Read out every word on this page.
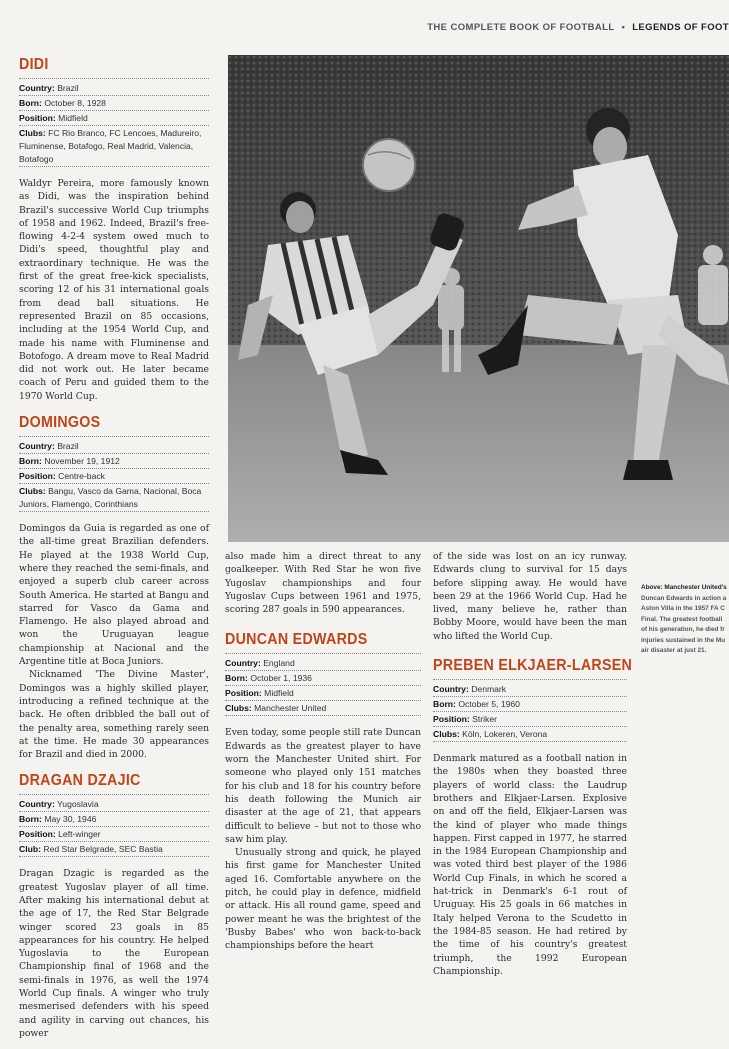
THE COMPLETE BOOK OF FOOTBALL • LEGENDS OF FOOT
DIDI
Country: Brazil
Born: October 8, 1928
Position: Midfield
Clubs: FC Rio Branco, FC Lencoes, Madureiro, Fluminense, Botafogo, Real Madrid, Valencia, Botafogo

Waldyr Pereira, more famously known as Didi, was the inspiration behind Brazil's successive World Cup triumphs of 1958 and 1962. Indeed, Brazil's free-flowing 4-2-4 system owed much to Didi's speed, thoughtful play and extraordinary technique. He was the first of the great free-kick specialists, scoring 12 of his 31 international goals from dead ball situations. He represented Brazil on 85 occasions, including at the 1954 World Cup, and made his name with Fluminense and Botofogo. A dream move to Real Madrid did not work out. He later became coach of Peru and guided them to the 1970 World Cup.

DOMINGOS
Country: Brazil
Born: November 19, 1912
Position: Centre-back
Clubs: Bangu, Vasco da Gama, Nacional, Boca Juniors, Flamengo, Corinthians

Domingos da Guia is regarded as one of the all-time great Brazilian defenders. He played at the 1938 World Cup, where they reached the semi-finals, and enjoyed a superb club career across South America. He started at Bangu and starred for Vasco da Gama and Flamengo. He also played abroad and won the Uruguayan league championship at Nacional and the Argentine title at Boca Juniors.

Nicknamed 'The Divine Master', Domingos was a highly skilled player, introducing a refined technique at the back. He often dribbled the ball out of the penalty area, something rarely seen at the time. He made 30 appearances for Brazil and died in 2000.

DRAGAN DZAJIC
Country: Yugoslavia
Born: May 30, 1946
Position: Left-winger
Club: Red Star Belgrade, SEC Bastia

Dragan Dzagic is regarded as the greatest Yugoslav player of all time. After making his international debut at the age of 17, the Red Star Belgrade winger scored 23 goals in 85 appearances for his country. He helped Yugoslavia to the European Championship final of 1968 and the semi-finals in 1976, as well the 1974 World Cup finals. A winger who truly mesmerised defenders with his speed and agility in carving out chances, his power

also made him a direct threat to any goalkeeper. With Red Star he won five Yugoslav championships and four Yugoslav Cups between 1961 and 1975, scoring 287 goals in 590 appearances.

DUNCAN EDWARDS
Country: England
Born: October 1, 1936
Position: Midfield
Clubs: Manchester United

Even today, some people still rate Duncan Edwards as the greatest player to have worn the Manchester United shirt. For someone who played only 151 matches for his club and 18 for his country before his death following the Munich air disaster at the age of 21, that appears difficult to believe – but not to those who saw him play.

Unusually strong and quick, he played his first game for Manchester United aged 16. Comfortable anywhere on the pitch, he could play in defence, midfield or attack. His all round game, speed and power meant he was the brightest of the 'Busby Babes' who won back-to-back championships before the heart

of the side was lost on an icy runway. Edwards clung to survival for 15 days before slipping away. He would have been 29 at the 1966 World Cup. Had he lived, many believe he, rather than Bobby Moore, would have been the man who lifted the World Cup.

PREBEN ELKJAER-LARSEN
Country: Denmark
Born: October 5, 1960
Position: Striker
Clubs: Köln, Lokeren, Verona

Denmark matured as a football nation in the 1980s when they boasted three players of world class: the Laudrup brothers and Elkjaer-Larsen. Explosive on and off the field, Elkjaer-Larsen was the kind of player who made things happen. First capped in 1977, he starred in the 1984 European Championship and was voted third best player of the 1986 World Cup Finals, in which he scored a hat-trick in Denmark's 6-1 rout of Uruguay. His 25 goals in 66 matches in Italy helped Verona to the Scudetto in the 1984-85 season. He had retired by the time of his country's greatest triumph, the 1992 European Championship.

Above: Manchester United's
Duncan Edwards in action a
Aston Villa in the 1957 FA C
Final. The greatest football
of his generation, he died fr
injuries sustained in the Mu
air disaster at just 21.
